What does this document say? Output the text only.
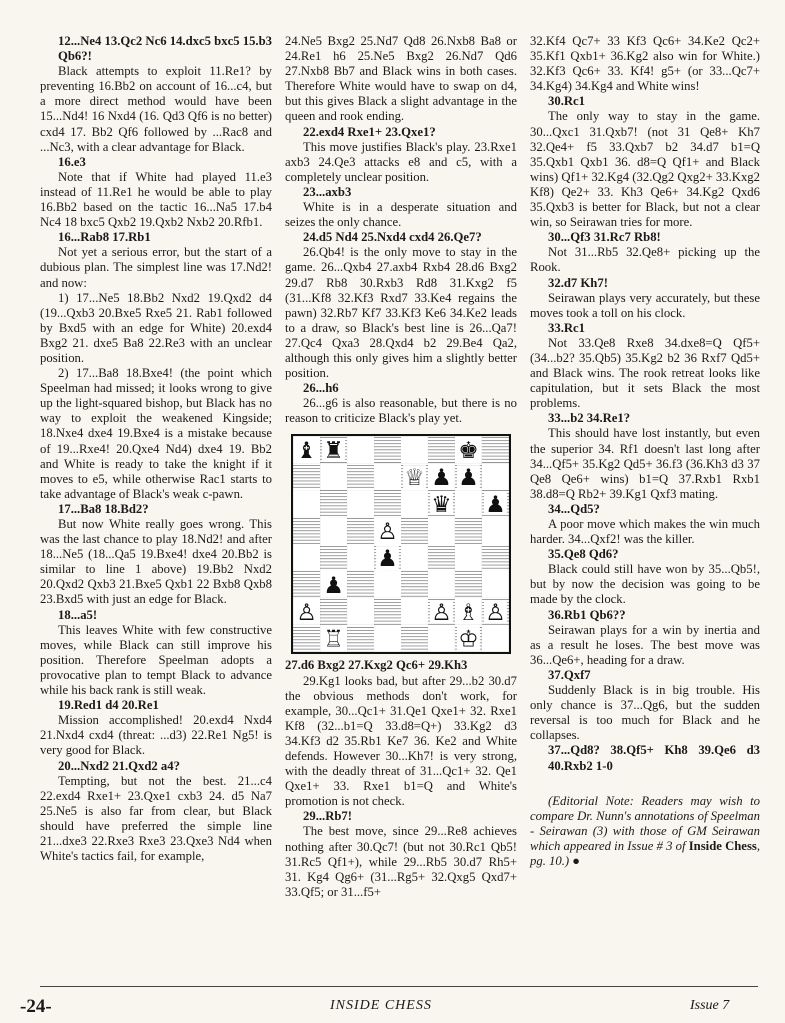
12...Ne4 13.Qc2 Nc6 14.dxc5 bxc5 15.b3 Qb6?!

Black attempts to exploit 11.Re1? by preventing 16.Bb2 on account of 16...c4, but a more direct method would have been 15...Nd4! 16 Nxd4 (16. Qd3 Qf6 is no better) cxd4 17. Bb2 Qf6 followed by ...Rac8 and ...Nc3, with a clear advantage for Black.

16.e3

Note that if White had played 11.e3 instead of 11.Re1 he would be able to play 16.Bb2 based on the tactic 16...Na5 17.b4 Nc4 18 bxc5 Qxb2 19.Qxb2 Nxb2 20.Rfb1.

16...Rab8 17.Rb1

Not yet a serious error, but the start of a dubious plan. The simplest line was 17.Nd2! and now:

1) 17...Ne5 18.Bb2 Nxd2 19.Qxd2 d4 (19...Qxb3 20.Bxe5 Rxe5 21. Rab1 followed by Bxd5 with an edge for White) 20.exd4 Bxg2 21. dxe5 Ba8 22.Re3 with an unclear position.

2) 17...Ba8 18.Bxe4! (the point which Speelman had missed; it looks wrong to give up the light-squared bishop, but Black has no way to exploit the weakened Kingside; 18.Nxe4 dxe4 19.Bxe4 is a mistake because of 19...Rxe4! 20.Qxe4 Nd4) dxe4 19. Bb2 and White is ready to take the knight if it moves to e5, while otherwise Rac1 starts to take advantage of Black's weak c-pawn.

17...Ba8 18.Bd2?

But now White really goes wrong. This was the last chance to play 18.Nd2! and after 18...Ne5 (18...Qa5 19.Bxe4! dxe4 20.Bb2 is similar to line 1 above) 19.Bb2 Nxd2 20.Qxd2 Qxb3 21.Bxe5 Qxb1 22 Bxb8 Qxb8 23.Bxd5 with just an edge for Black.

18...a5!

This leaves White with few constructive moves, while Black can still improve his position. Therefore Speelman adopts a provocative plan to tempt Black to advance while his back rank is still weak.

19.Red1 d4 20.Re1

Mission accomplished! 20.exd4 Nxd4 21.Nxd4 cxd4 (threat: ...d3) 22.Re1 Ng5! is very good for Black.

20...Nxd2 21.Qxd2 a4?

Tempting, but not the best. 21...c4 22.exd4 Rxe1+ 23.Qxe1 cxb3 24. d5 Na7 25.Ne5 is also far from clear, but Black should have preferred the simple line 21...dxe3 22.Rxe3 Rxe3 23.Qxe3 Nd4 when White's tactics fail, for example,

24.Ne5 Bxg2 25.Nd7 Qd8 26.Nxb8 Ba8 or 24.Re1 h6 25.Ne5 Bxg2 26.Nd7 Qd6 27.Nxb8 Bb7 and Black wins in both cases. Therefore White would have to swap on d4, but this gives Black a slight advantage in the queen and rook ending.

22.exd4 Rxe1+ 23.Qxe1?

This move justifies Black's play. 23.Rxe1 axb3 24.Qe3 attacks e8 and c5, with a completely unclear position.

23...axb3

White is in a desperate situation and seizes the only chance.

24.d5 Nd4 25.Nxd4 cxd4 26.Qe7?

26.Qb4! is the only move to stay in the game. 26...Qxb4 27.axb4 Rxb4 28.d6 Bxg2 29.d7 Rb8 30.Rxb3 Rd8 31.Kxg2 f5 (31...Kf8 32.Kf3 Rxd7 33.Ke4 regains the pawn) 32.Rb7 Kf7 33.Kf3 Ke6 34.Ke2 leads to a draw, so Black's best line is 26...Qa7! 27.Qc4 Qxa3 28.Qxd4 b2 29.Be4 Qa2, although this only gives him a slightly better position.

26...h6

26...g6 is also reasonable, but there is no reason to criticize Black's play yet.

♝ ♜	♚
♕ ♟ ♟
♛ ♟
♙
♟
♟
♙	♙ ♗ ♙
♖	♔

27.d6 Bxg2 27.Kxg2 Qc6+ 29.Kh3

29.Kg1 looks bad, but after 29...b2 30.d7 the obvious methods don't work, for example, 30...Qc1+ 31.Qe1 Qxe1+ 32. Rxe1 Kf8 (32...b1=Q 33.d8=Q+) 33.Kg2 d3 34.Kf3 d2 35.Rb1 Ke7 36. Ke2 and White defends. However 30...Kh7! is very strong, with the deadly threat of 31...Qc1+ 32. Qe1 Qxe1+ 33. Rxe1 b1=Q and White's promotion is not check.

29...Rb7!

The best move, since 29...Re8 achieves nothing after 30.Qc7! (but not 30.Rc1 Qb5! 31.Rc5 Qf1+), while 29...Rb5 30.d7 Rh5+ 31. Kg4 Qg6+ (31...Rg5+ 32.Qxg5 Qxd7+ 33.Qf5; or 31...f5+

32.Kf4 Qc7+ 33 Kf3 Qc6+ 34.Ke2 Qc2+ 35.Kf1 Qxb1+ 36.Kg2 also win for White.) 32.Kf3 Qc6+ 33. Kf4! g5+ (or 33...Qc7+ 34.Kg4) 34.Kg4 and White wins!

30.Rc1

The only way to stay in the game. 30...Qxc1 31.Qxb7! (not 31 Qe8+ Kh7 32.Qe4+ f5 33.Qxb7 b2 34.d7 b1=Q 35.Qxb1 Qxb1 36. d8=Q Qf1+ and Black wins) Qf1+ 32.Kg4 (32.Qg2 Qxg2+ 33.Kxg2 Kf8) Qe2+ 33. Kh3 Qe6+ 34.Kg2 Qxd6 35.Qxb3 is better for Black, but not a clear win, so Seirawan tries for more.

30...Qf3 31.Rc7 Rb8!

Not 31...Rb5 32.Qe8+ picking up the Rook.

32.d7 Kh7!

Seirawan plays very accurately, but these moves took a toll on his clock.

33.Rc1

Not 33.Qe8 Rxe8 34.dxe8=Q Qf5+ (34...b2? 35.Qb5) 35.Kg2 b2 36 Rxf7 Qd5+ and Black wins. The rook retreat looks like capitulation, but it sets Black the most problems.

33...b2 34.Re1?

This should have lost instantly, but even the superior 34. Rf1 doesn't last long after 34...Qf5+ 35.Kg2 Qd5+ 36.f3 (36.Kh3 d3 37 Qe8 Qe6+ wins) b1=Q 37.Rxb1 Rxb1 38.d8=Q Rb2+ 39.Kg1 Qxf3 mating.

34...Qd5?

A poor move which makes the win much harder. 34...Qxf2! was the killer.

35.Qe8 Qd6?

Black could still have won by 35...Qb5!, but by now the decision was going to be made by the clock.

36.Rb1 Qb6??

Seirawan plays for a win by inertia and as a result he loses. The best move was 36...Qe6+, heading for a draw.

37.Qxf7

Suddenly Black is in big trouble. His only chance is 37...Qg6, but the sudden reversal is too much for Black and he collapses.

37...Qd8? 38.Qf5+ Kh8 39.Qe6 d3 40.Rxb2 1-0

(Editorial Note: Readers may wish to compare Dr. Nunn's annotations of Speelman - Seirawan (3) with those of GM Seirawan which appeared in Issue # 3 of Inside Chess, pg. 10.) ●

-24-	INSIDE CHESS	Issue 7
